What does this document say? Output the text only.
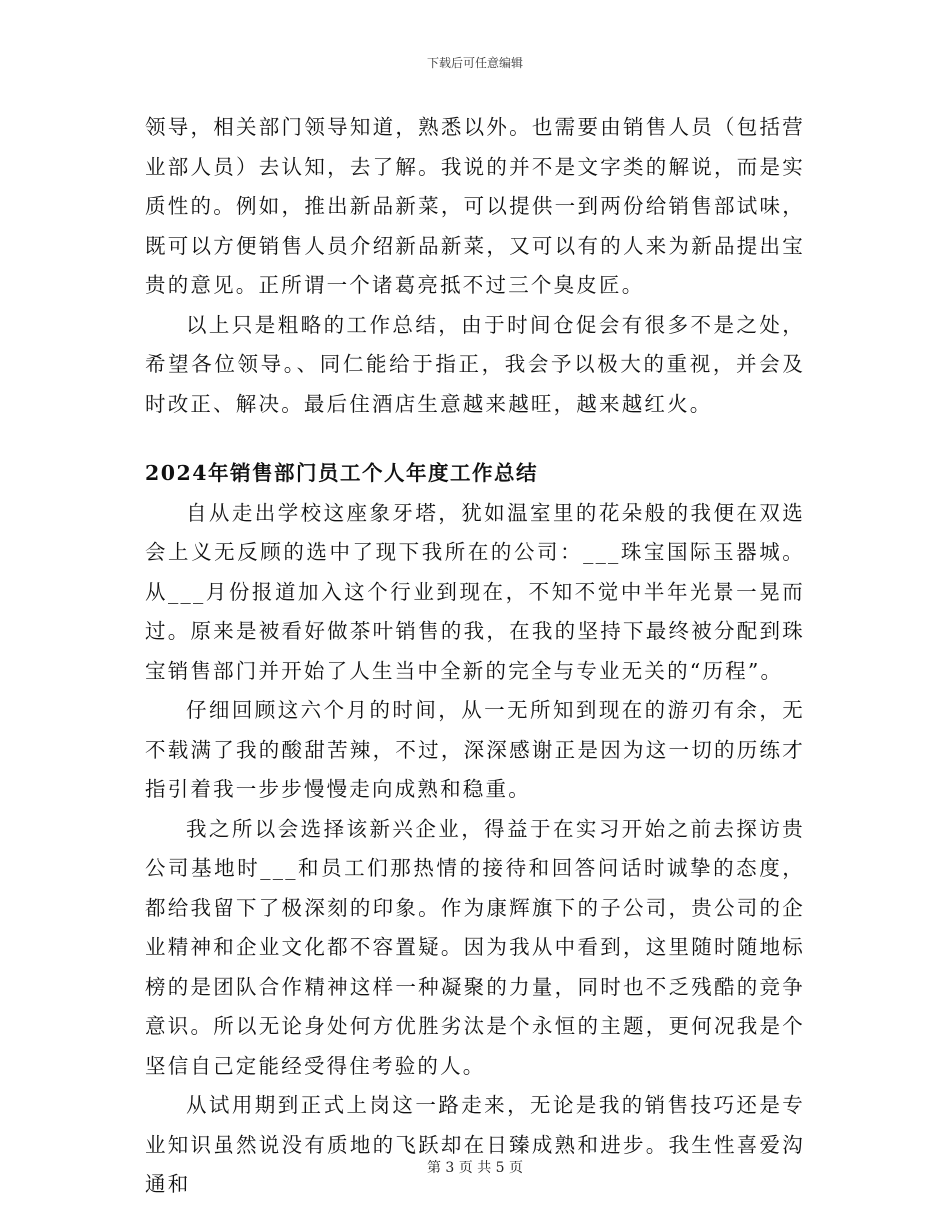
下载后可任意编辑

领导，相关部门领导知道，熟悉以外。也需要由销售人员（包括营业部人员）去认知，去了解。我说的并不是文字类的解说，而是实质性的。例如，推出新品新菜，可以提供一到两份给销售部试味，既可以方便销售人员介绍新品新菜，又可以有的人来为新品提出宝贵的意见。正所谓一个诸葛亮抵不过三个臭皮匠。

以上只是粗略的工作总结，由于时间仓促会有很多不是之处，希望各位领导。、同仁能给于指正，我会予以极大的重视，并会及时改正、解决。最后住酒店生意越来越旺，越来越红火。

2024年销售部门员工个人年度工作总结

自从走出学校这座象牙塔，犹如温室里的花朵般的我便在双选会上义无反顾的选中了现下我所在的公司：___珠宝国际玉器城。从___月份报道加入这个行业到现在，不知不觉中半年光景一晃而过。原来是被看好做茶叶销售的我，在我的坚持下最终被分配到珠宝销售部门并开始了人生当中全新的完全与专业无关的“历程”。

仔细回顾这六个月的时间，从一无所知到现在的游刃有余，无不载满了我的酸甜苦辣，不过，深深感谢正是因为这一切的历练才指引着我一步步慢慢走向成熟和稳重。

我之所以会选择该新兴企业，得益于在实习开始之前去探访贵公司基地时___和员工们那热情的接待和回答问话时诚挚的态度，都给我留下了极深刻的印象。作为康辉旗下的子公司，贵公司的企业精神和企业文化都不容置疑。因为我从中看到，这里随时随地标榜的是团队合作精神这样一种凝聚的力量，同时也不乏残酷的竞争意识。所以无论身处何方优胜劣汰是个永恒的主题，更何况我是个坚信自己定能经受得住考验的人。

从试用期到正式上岗这一路走来，无论是我的销售技巧还是专业知识虽然说没有质地的飞跃却在日臻成熟和进步。我生性喜爱沟通和

第 3 页 共 5 页
